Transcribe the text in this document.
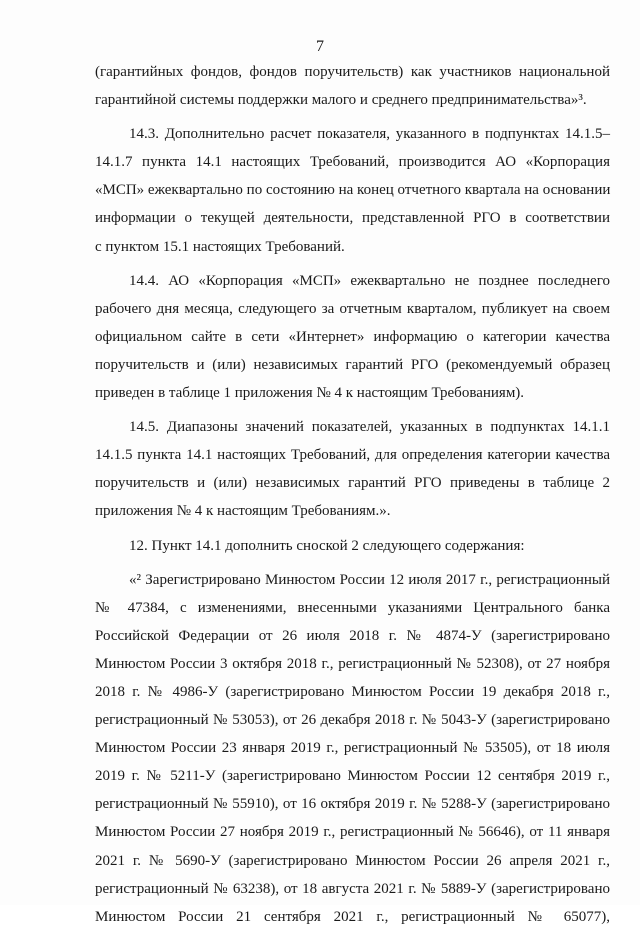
7

(гарантийных фондов, фондов поручительств) как участников национальной
гарантийной системы поддержки малого и среднего предпринимательства»³.

14.3. Дополнительно расчет показателя, указанного в подпунктах 14.1.5–
14.1.7 пункта 14.1 настоящих Требований, производится АО «Корпорация
«МСП» ежеквартально по состоянию на конец отчетного квартала на основании
информации о текущей деятельности, представленной РГО в соответствии
с пунктом 15.1 настоящих Требований.

14.4. АО «Корпорация «МСП» ежеквартально не позднее последнего
рабочего дня месяца, следующего за отчетным кварталом, публикует на своем
официальном сайте в сети «Интернет» информацию о категории качества
поручительств и (или) независимых гарантий РГО (рекомендуемый образец
приведен в таблице 1 приложения № 4 к настоящим Требованиям).

14.5. Диапазоны значений показателей, указанных в подпунктах 14.1.1
14.1.5 пункта 14.1 настоящих Требований, для определения категории качества
поручительств и (или) независимых гарантий РГО приведены в таблице 2
приложения № 4 к настоящим Требованиям.».

12. Пункт 14.1 дополнить сноской 2 следующего содержания:

«² Зарегистрировано Минюстом России 12 июля 2017 г., регистрационный
№ 47384, с изменениями, внесенными указаниями Центрального банка
Российской Федерации от 26 июля 2018 г. № 4874-У (зарегистрировано
Минюстом России 3 октября 2018 г., регистрационный № 52308), от 27 ноября
2018 г. № 4986-У (зарегистрировано Минюстом России 19 декабря 2018 г.,
регистрационный № 53053), от 26 декабря 2018 г. № 5043-У (зарегистрировано
Минюстом России 23 января 2019 г., регистрационный № 53505), от 18 июля
2019 г. № 5211-У (зарегистрировано Минюстом России 12 сентября 2019 г.,
регистрационный № 55910), от 16 октября 2019 г. № 5288-У (зарегистрировано
Минюстом России 27 ноября 2019 г., регистрационный № 56646), от 11 января
2021 г. № 5690-У (зарегистрировано Минюстом России 26 апреля 2021 г.,
регистрационный № 63238), от 18 августа 2021 г. № 5889-У (зарегистрировано
Минюстом России 21 сентября 2021 г., регистрационный № 65077),
